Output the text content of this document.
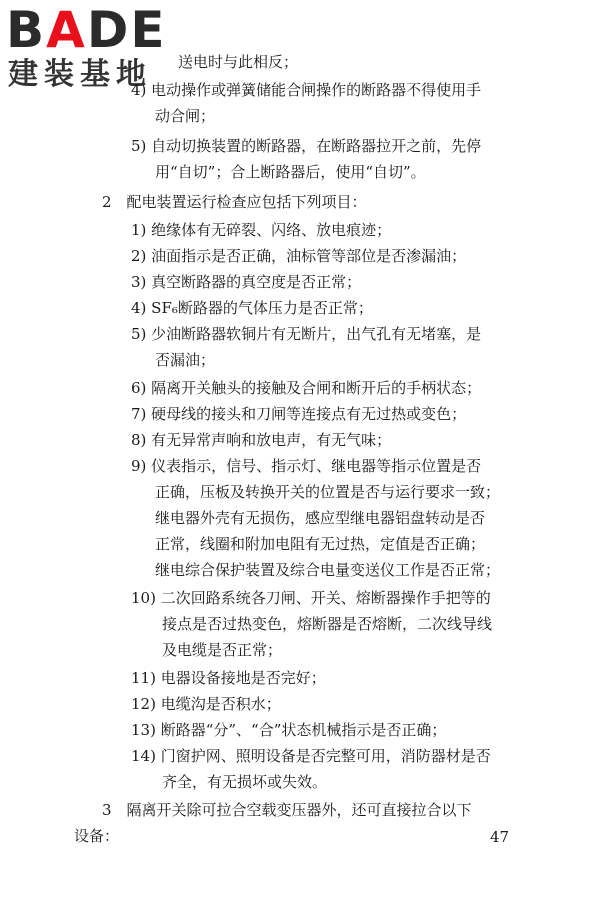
BADE
建装基地 送电时与此相反；
4) 电动操作或弹簧储能合闸操作的断路器不得使用手
动合闸；
5) 自动切换装置的断路器，在断路器拉开之前，先停
用“自切”；合上断路器后，使用“自切”。
2　配电装置运行检查应包括下列项目：
1) 绝缘体有无碎裂、闪络、放电痕迹；
2) 油面指示是否正确，油标管等部位是否渗漏油；
3) 真空断路器的真空度是否正常；
4) SF₆断路器的气体压力是否正常；
5) 少油断路器软铜片有无断片，出气孔有无堵塞，是
否漏油；
6) 隔离开关触头的接触及合闸和断开后的手柄状态；
7) 硬母线的接头和刀闸等连接点有无过热或变色；
8) 有无异常声响和放电声，有无气味；
9) 仪表指示，信号、指示灯、继电器等指示位置是否
正确，压板及转换开关的位置是否与运行要求一致；
继电器外壳有无损伤，感应型继电器铝盘转动是否
正常，线圈和附加电阻有无过热，定值是否正确；
继电综合保护装置及综合电量变送仪工作是否正常；
10) 二次回路系统各刀闸、开关、熔断器操作手把等的
接点是否过热变色，熔断器是否熔断，二次线导线
及电缆是否正常；
11) 电器设备接地是否完好；
12) 电缆沟是否积水；
13) 断路器“分”、“合”状态机械指示是否正确；
14) 门窗护网、照明设备是否完整可用，消防器材是否
齐全，有无损坏或失效。
3　隔离开关除可拉合空载变压器外，还可直接拉合以下
设备：	47
